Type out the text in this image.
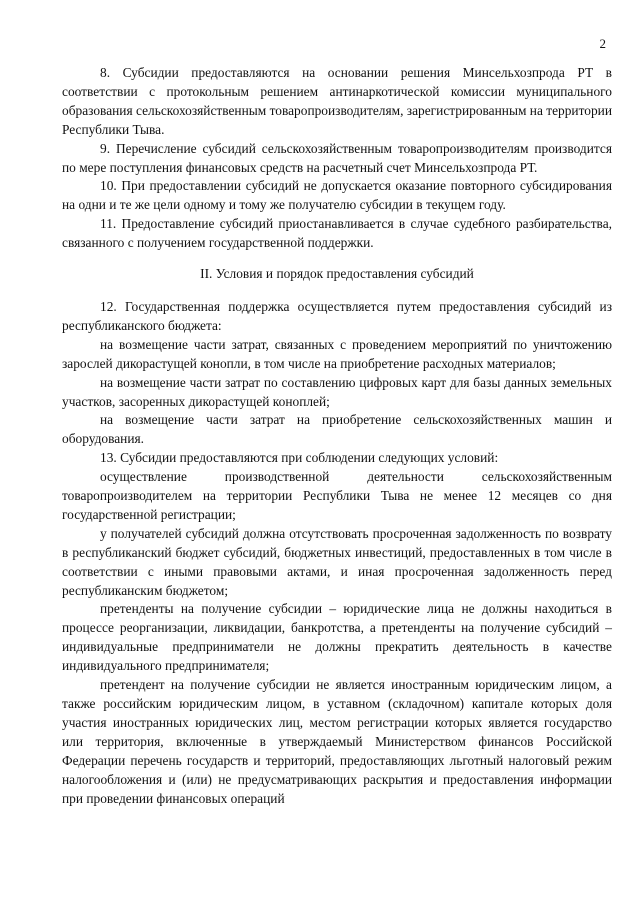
2

8. Субсидии предоставляются на основании решения Минсельхозпрода РТ в соответствии с протокольным решением антинаркотической комиссии муниципального образования сельскохозяйственным товаропроизводителям, зарегистрированным на территории Республики Тыва.

9. Перечисление субсидий сельскохозяйственным товаропроизводителям производится по мере поступления финансовых средств на расчетный счет Минсельхозпрода РТ.

10. При предоставлении субсидий не допускается оказание повторного субсидирования на одни и те же цели одному и тому же получателю субсидии в текущем году.

11. Предоставление субсидий приостанавливается в случае судебного разбирательства, связанного с получением государственной поддержки.

II. Условия и порядок предоставления субсидий

12. Государственная поддержка осуществляется путем предоставления субсидий из республиканского бюджета:

на возмещение части затрат, связанных с проведением мероприятий по уничтожению зарослей дикорастущей конопли, в том числе на приобретение расходных материалов;

на возмещение части затрат по составлению цифровых карт для базы данных земельных участков, засоренных дикорастущей коноплей;

на возмещение части затрат на приобретение сельскохозяйственных машин и оборудования.

13. Субсидии предоставляются при соблюдении следующих условий:

осуществление производственной деятельности сельскохозяйственным товаропроизводителем на территории Республики Тыва не менее 12 месяцев со дня государственной регистрации;

у получателей субсидий должна отсутствовать просроченная задолженность по возврату в республиканский бюджет субсидий, бюджетных инвестиций, предоставленных в том числе в соответствии с иными правовыми актами, и иная просроченная задолженность перед республиканским бюджетом;

претенденты на получение субсидии – юридические лица не должны находиться в процессе реорганизации, ликвидации, банкротства, а претенденты на получение субсидий – индивидуальные предприниматели не должны прекратить деятельность в качестве индивидуального предпринимателя;

претендент на получение субсидии не является иностранным юридическим лицом, а также российским юридическим лицом, в уставном (складочном) капитале которых доля участия иностранных юридических лиц, местом регистрации которых является государство или территория, включенные в утверждаемый Министерством финансов Российской Федерации перечень государств и территорий, предоставляющих льготный налоговый режим налогообложения и (или) не предусматривающих раскрытия и предоставления информации при проведении финансовых операций
